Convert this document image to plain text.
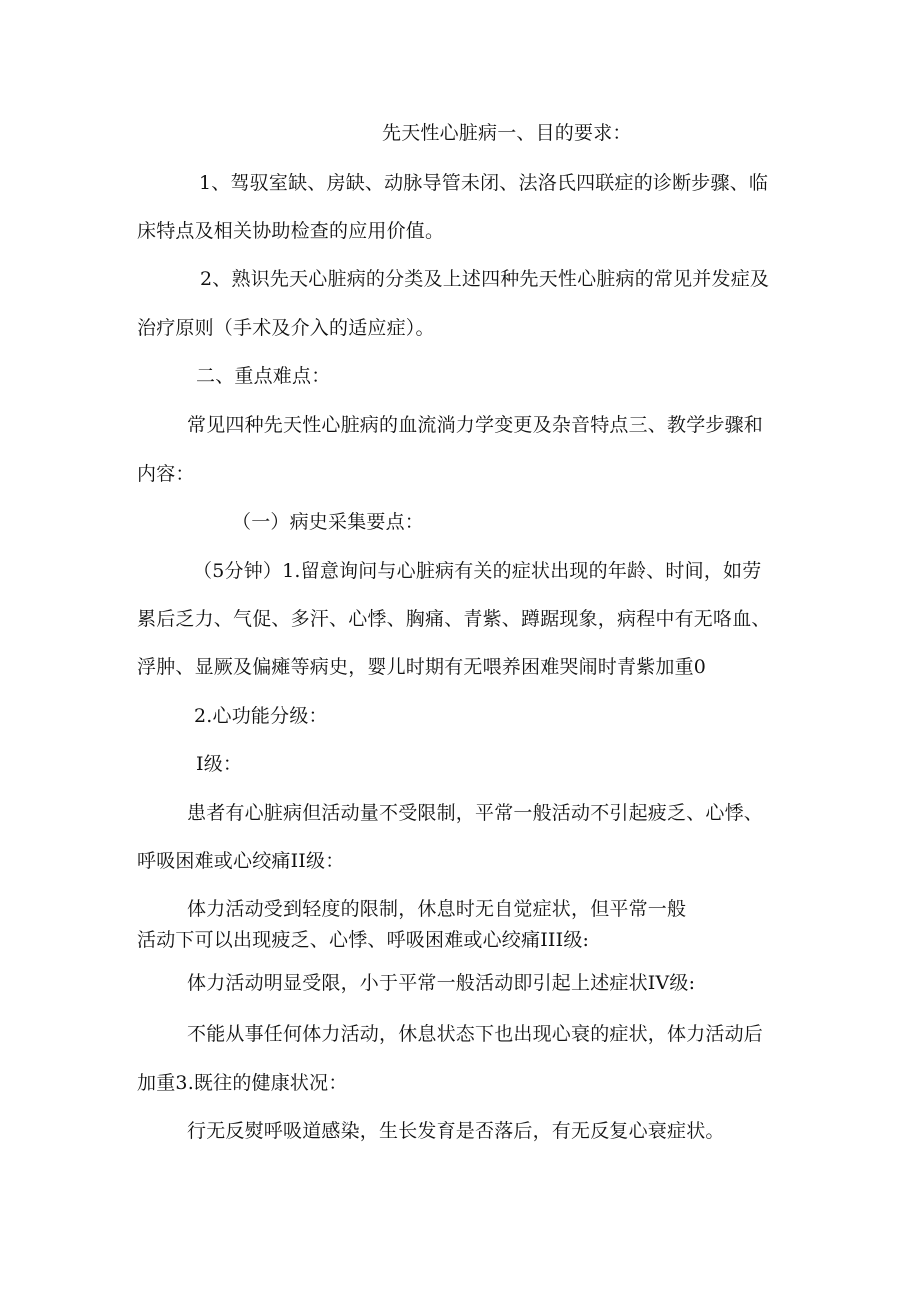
先天性心脏病一、目的要求：
1、驾驭室缺、房缺、动脉导管未闭、法洛氏四联症的诊断步骤、临
床特点及相关协助检查的应用价值。
2、熟识先天心脏病的分类及上述四种先天性心脏病的常见并发症及
治疗原则（手术及介入的适应症）。
二、重点难点：
常见四种先天性心脏病的血流淌力学变更及杂音特点三、教学步骤和
内容：
（一）病史采集要点：
（5分钟）1.留意询问与心脏病有关的症状出现的年龄、时间，如劳
累后乏力、气促、多汗、心悸、胸痛、青紫、蹲踞现象，病程中有无咯血、
浮肿、显厥及偏瘫等病史，婴儿时期有无喂养困难哭闹时青紫加重0
2.心功能分级：
I级：
患者有心脏病但活动量不受限制，平常一般活动不引起疲乏、心悸、
呼吸困难或心绞痛II级：
体力活动受到轻度的限制，休息时无自觉症状，但平常一般
活动下可以出现疲乏、心悸、呼吸困难或心绞痛III级:
体力活动明显受限，小于平常一般活动即引起上述症状IV级:
不能从事任何体力活动，休息状态下也出现心衰的症状，体力活动后
加重3.既往的健康状况：
行无反熨呼吸道感染，生长发育是否落后，有无反复心衰症状。
